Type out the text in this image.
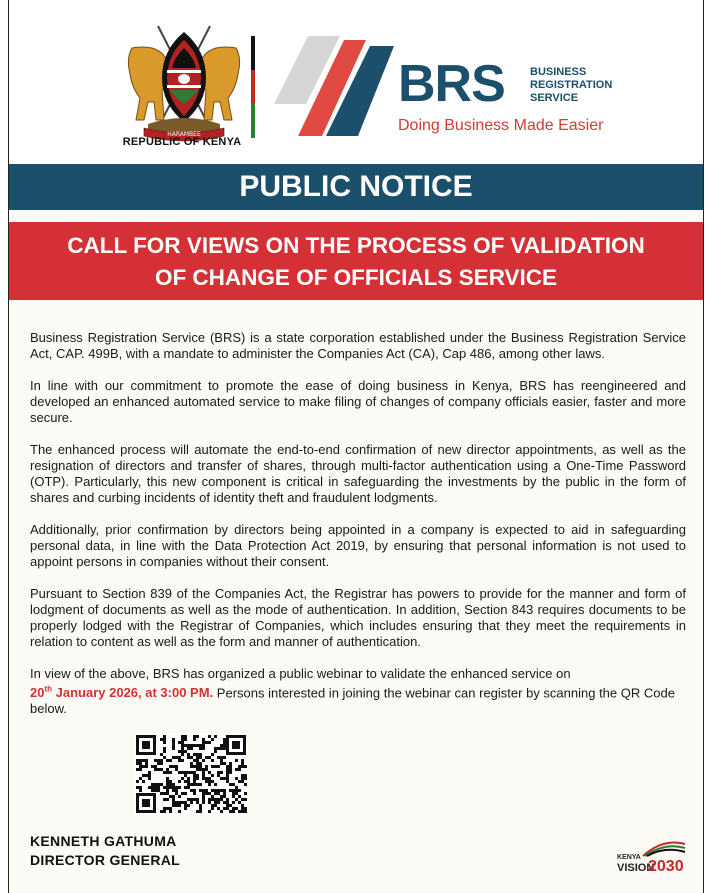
HARAMBEE
REPUBLIC OF KENYA
BRS BUSINESS
REGISTRATION
SERVICE
Doing Business Made Easier
PUBLIC NOTICE
CALL FOR VIEWS ON THE PROCESS OF VALIDATION
OF CHANGE OF OFFICIALS SERVICE

Business Registration Service (BRS) is a state corporation established under the Business Registration Service Act, CAP. 499B, with a mandate to administer the Companies Act (CA), Cap 486, among other laws.

In line with our commitment to promote the ease of doing business in Kenya, BRS has reengineered and developed an enhanced automated service to make filing of changes of company officials easier, faster and more secure.

The enhanced process will automate the end-to-end confirmation of new director appointments, as well as the resignation of directors and transfer of shares, through multi-factor authentication using a One-Time Password (OTP). Particularly, this new component is critical in safeguarding the investments by the public in the form of shares and curbing incidents of identity theft and fraudulent lodgments.

Additionally, prior confirmation by directors being appointed in a company is expected to aid in safeguarding personal data, in line with the Data Protection Act 2019, by ensuring that personal information is not used to appoint persons in companies without their consent.

Pursuant to Section 839 of the Companies Act, the Registrar has powers to provide for the manner and form of lodgment of documents as well as the mode of authentication. In addition, Section 843 requires documents to be properly lodged with the Registrar of Companies, which includes ensuring that they meet the requirements in relation to content as well as the form and manner of authentication.

In view of the above, BRS has organized a public webinar to validate the enhanced service on
20th January 2026, at 3:00 PM. Persons interested in joining the webinar can register by scanning the QR Code below.

KENNETH GATHUMA
DIRECTOR GENERAL	KENYA
VISION
2030
